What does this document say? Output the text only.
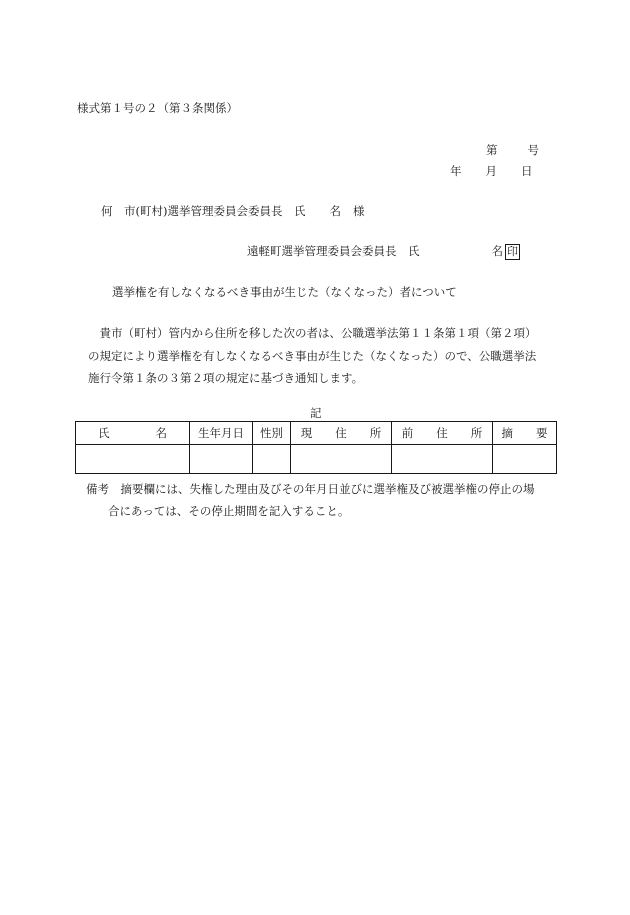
様式第１号の２（第３条関係）
第	号
年 月 日
何　市(町村)選挙管理委員会委員長　氏 名 様
遠軽町選挙管理委員会委員長　氏	名 印
選挙権を有しなくなるべき事由が生じた（なくなった）者について

　貴市（町村）管内から住所を移した次の者は、公職選挙法第１１条第１項（第２項）

の規定により選挙権を有しなくなるべき事由が生じた（なくなった）ので、公職選挙法

施行令第１条の３第２項の規定に基づき通知します。

記
氏　　　　名	生年月日	性別	現　　住　　所	前　　住　　所	摘　　要

備考　摘要欄には、失権した理由及びその年月日並びに選挙権及び被選挙権の停止の場

合にあっては、その停止期間を記入すること。
